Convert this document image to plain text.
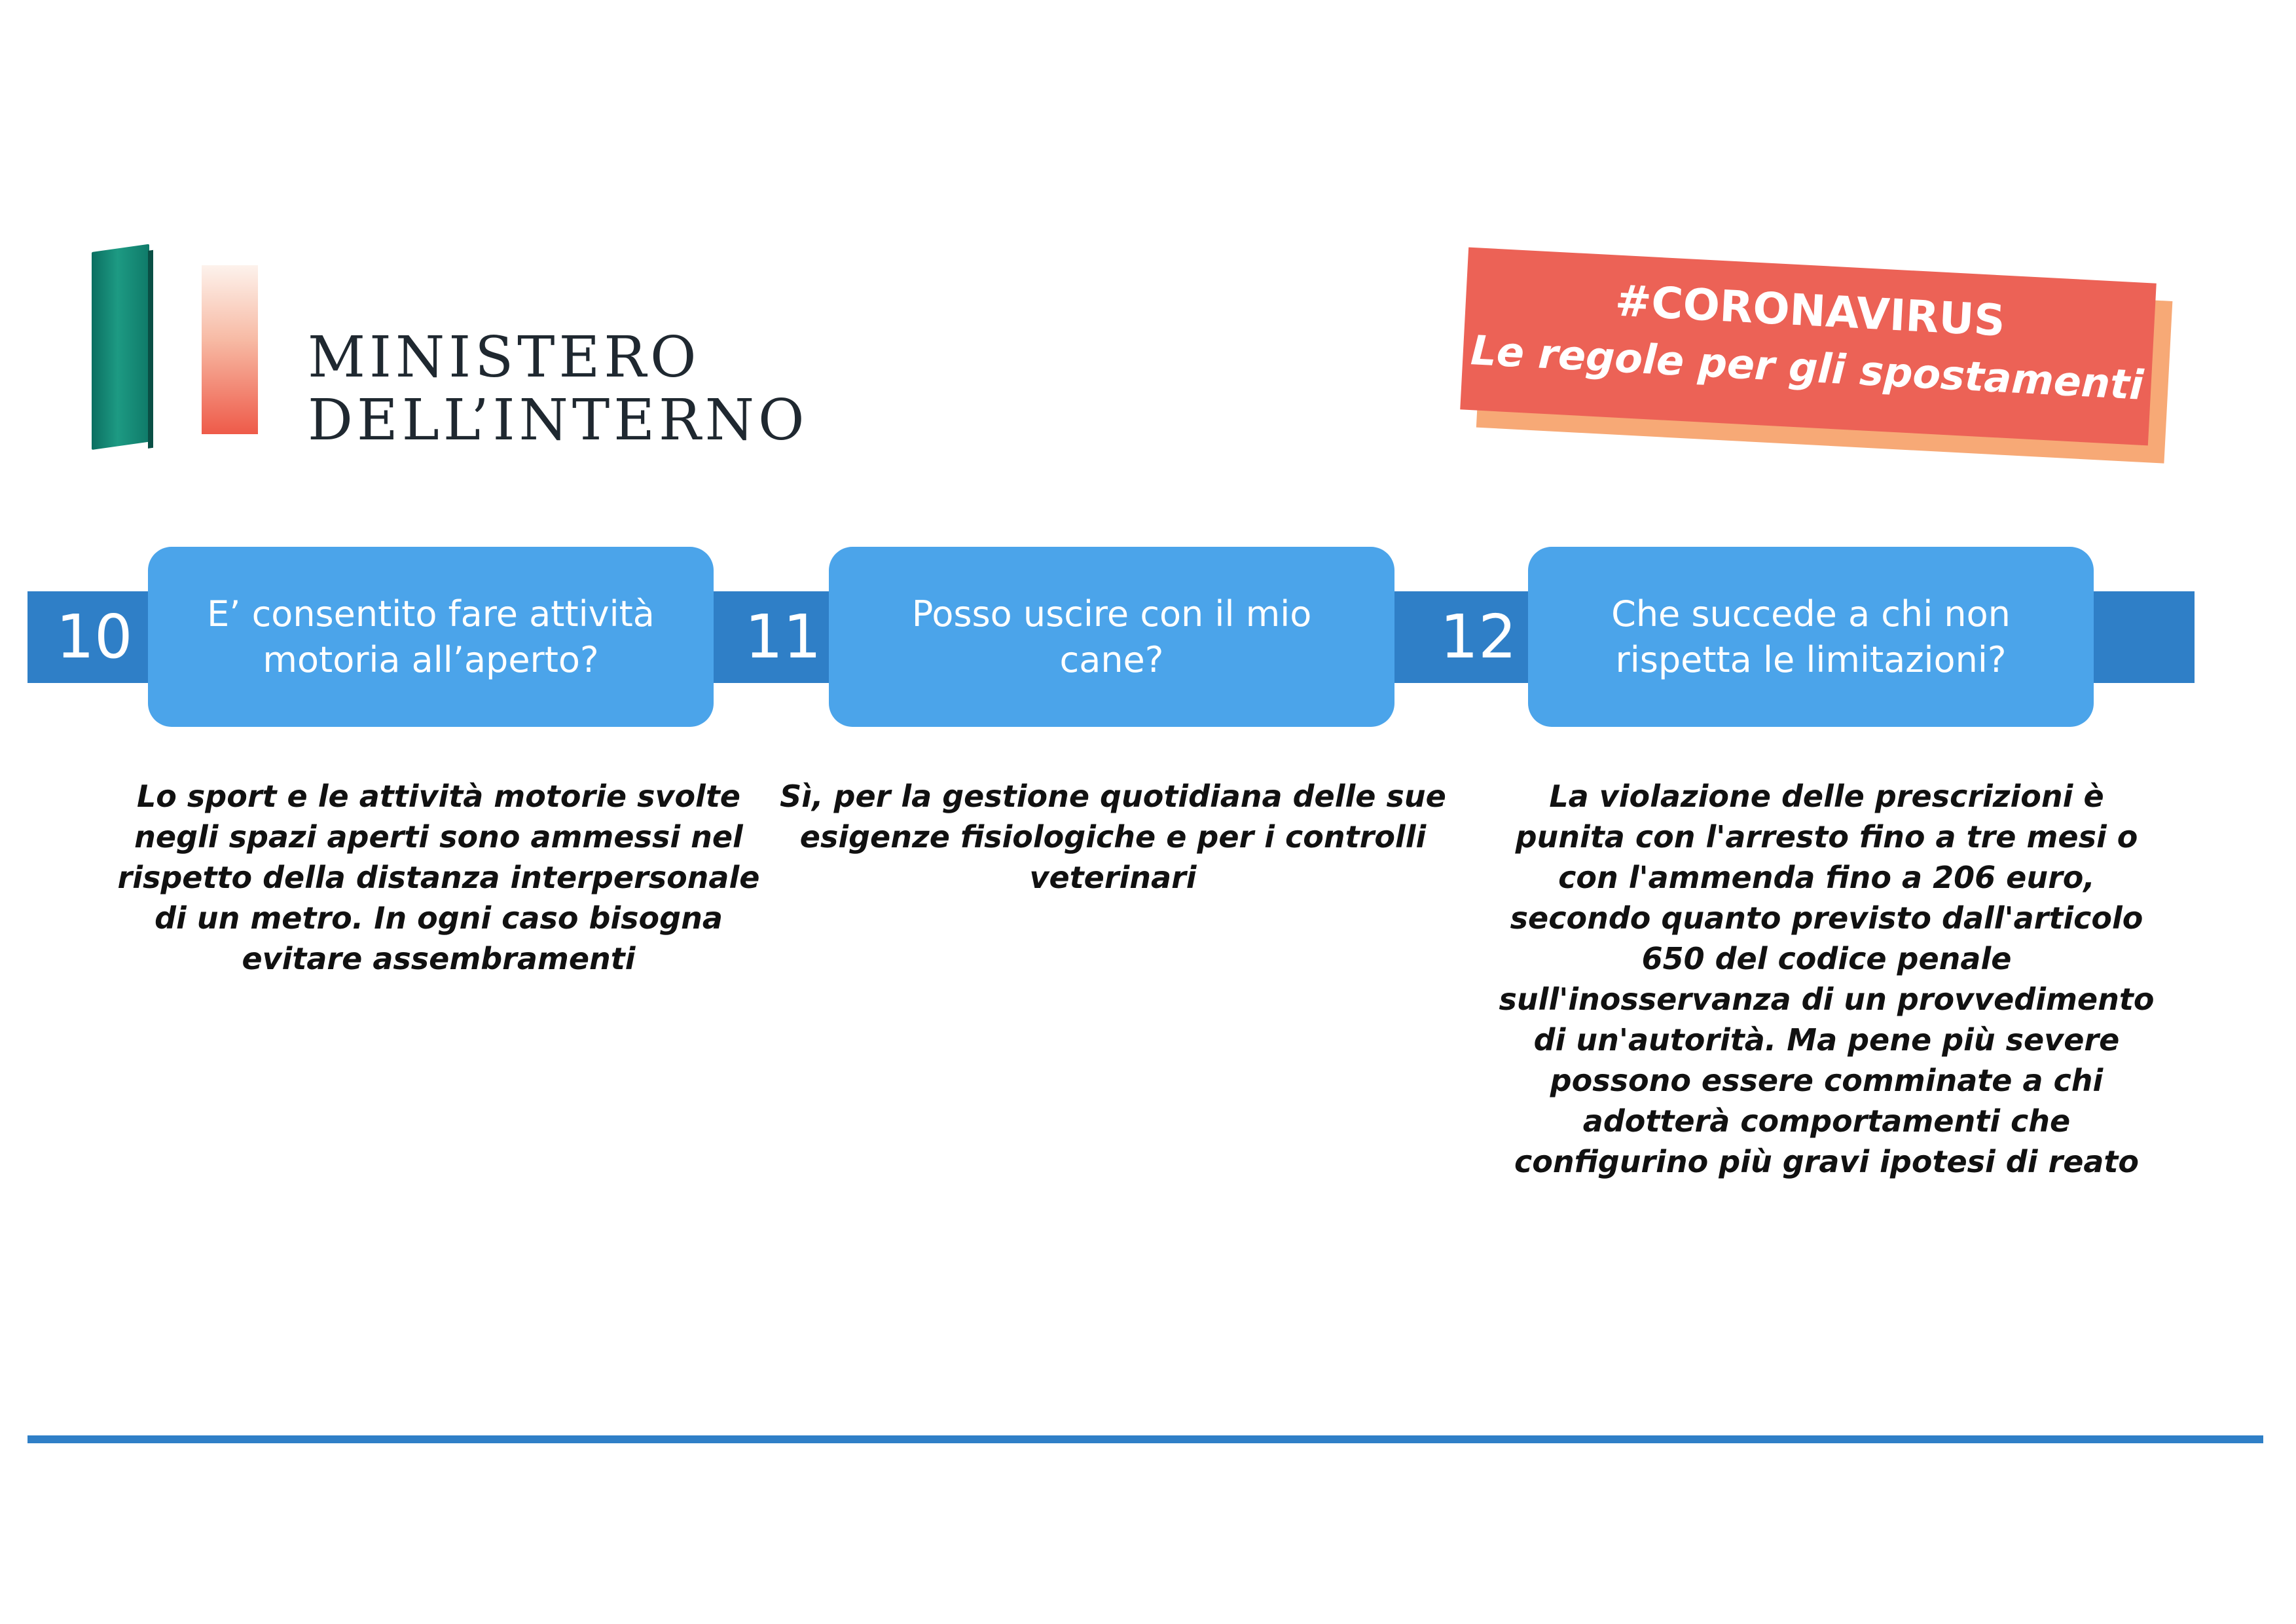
MINISTERO
DELL’INTERNO
#CORONAVIRUS
Le regole per gli spostamenti
10	E’ consentito fare attività motoria all’aperto?	11	Posso uscire con il mio cane?	12	Che succede a chi non rispetta le limitazioni?
Lo sport e le attività motorie svolte
negli spazi aperti sono ammessi nel
rispetto della distanza interpersonale
di un metro. In ogni caso bisogna
evitare assembramenti
Sì, per la gestione quotidiana delle sue
esigenze fisiologiche e per i controlli
veterinari
La violazione delle prescrizioni è
punita con l'arresto fino a tre mesi o
con l'ammenda fino a 206 euro,
secondo quanto previsto dall'articolo
650 del codice penale
sull'inosservanza di un provvedimento
di un'autorità. Ma pene più severe
possono essere comminate a chi
adotterà comportamenti che
configurino più gravi ipotesi di reato
